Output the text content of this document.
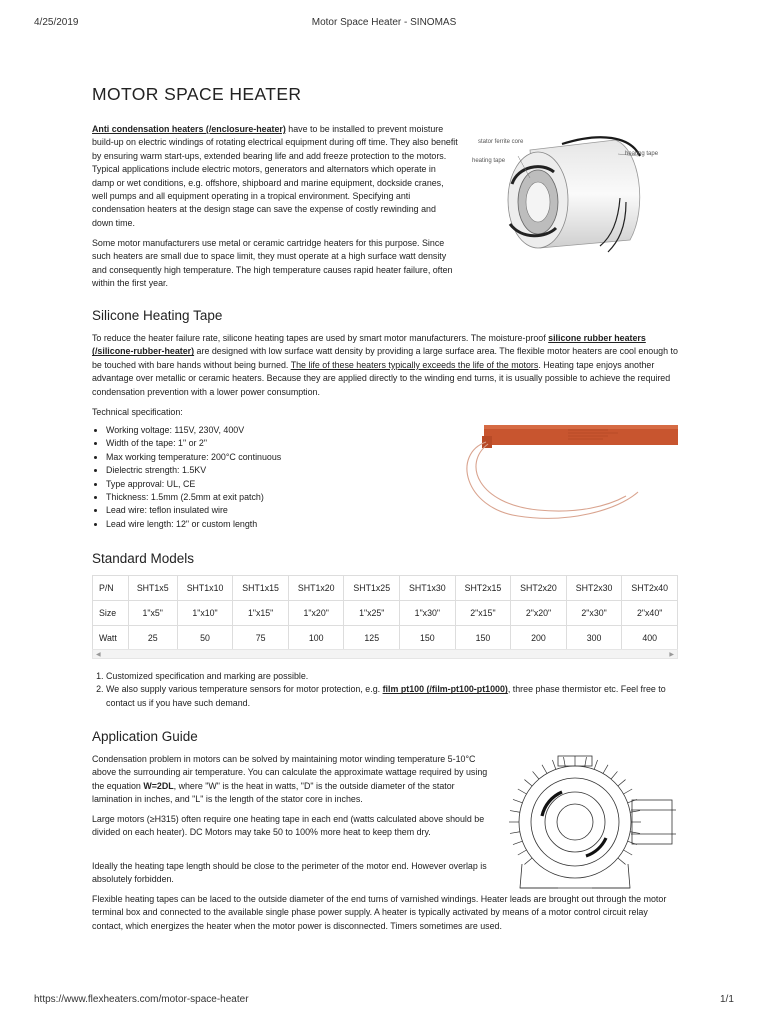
4/25/2019	Motor Space Heater - SINOMAS
MOTOR SPACE HEATER

Anti condensation heaters (/enclosure-heater) have to be installed to prevent moisture build-up on electric windings of rotating electrical equipment during off time. They also benefit by ensuring warm start-ups, extended bearing life and add freeze protection to the motors. Typical applications include electric motors, generators and alternators which operate in damp or wet conditions, e.g. offshore, shipboard and marine equipment, dockside cranes, well pumps and all equipment operating in a tropical environment. Specifying anti condensation heaters at the design stage can save the expense of costly rewinding and down time.

Some motor manufacturers use metal or ceramic cartridge heaters for this purpose. Since such heaters are small due to space limit, they must operate at a high surface watt density and consequently high temperature. The high temperature causes rapid heater failure, often within the first year.

stator ferrite core
heating tape
heating tape
Silicone Heating Tape

To reduce the heater failure rate, silicone heating tapes are used by smart motor manufacturers. The moisture-proof silicone rubber heaters (/silicone-rubber-heater) are designed with low surface watt density by providing a large surface area. The flexible motor heaters are cool enough to be touched with bare hands without being burned. The life of these heaters typically exceeds the life of the motors. Heating tape enjoys another advantage over metallic or ceramic heaters. Because they are applied directly to the winding end turns, it is usually possible to achieve the required condensation prevention with a lower power consumption.

Technical specification:

• Working voltage: 115V, 230V, 400V
• Width of the tape: 1" or 2"
• Max working temperature: 200°C continuous
• Dielectric strength: 1.5KV
• Type approval: UL, CE
• Thickness: 1.5mm (2.5mm at exit patch)
• Lead wire: teflon insulated wire
• Lead wire length: 12" or custom length
Standard Models
P/N	SHT1x5	SHT1x10	SHT1x15	SHT1x20	SHT1x25	SHT1x30	SHT2x15	SHT2x20	SHT2x30	SHT2x40
Size	1"x5"	1"x10"	1"x15"	1"x20"	1"x25"	1"x30"	2"x15"	2"x20"	2"x30"	2"x40"
Watt	25	50	75	100	125	150	150	200	300	400
◀	▶
1. Customized specification and marking are possible.
2. We also supply various temperature sensors for motor protection, e.g. film pt100 (/film-pt100-pt1000), three phase thermistor etc. Feel free to contact us if you have such demand.
Application Guide

Condensation problem in motors can be solved by maintaining motor winding temperature 5-10°C above the surrounding air temperature. You can calculate the approximate wattage required by using the equation W=2DL, where "W" is the heat in watts, "D" is the outside diameter of the stator lamination in inches, and "L" is the length of the stator core in inches.

Large motors (≥H315) often require one heating tape in each end (watts calculated above should be divided on each heater). DC Motors may take 50 to 100% more heat to keep them dry.

Ideally the heating tape length should be close to the perimeter of the motor end. However overlap is absolutely forbidden.

Flexible heating tapes can be laced to the outside diameter of the end turns of varnished windings. Heater leads are brought out through the motor terminal box and connected to the available single phase power supply. A heater is typically activated by means of a motor control circuit relay contact, which energizes the heater when the motor power is disconnected. Timers sometimes are used.

https://www.flexheaters.com/motor-space-heater	1/1
